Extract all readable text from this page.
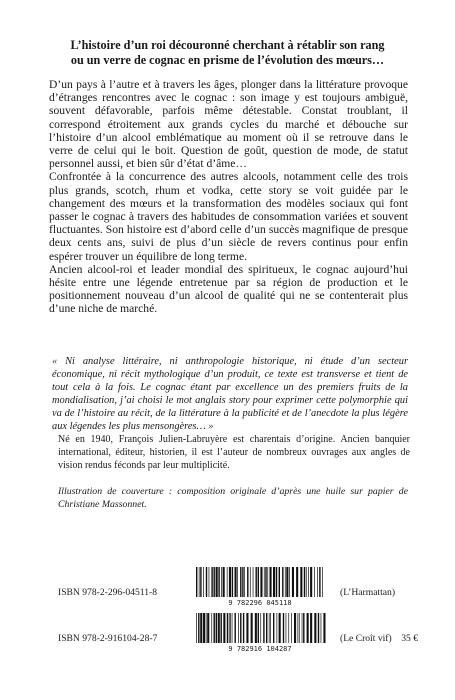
L’histoire d’un roi découronné cherchant à rétablir son rang
ou un verre de cognac en prisme de l’évolution des mœurs…

D’un pays à l’autre et à travers les âges, plonger dans la littérature provoque d’étranges rencontres avec le cognac : son image y est toujours ambiguë, souvent défavorable, parfois même détestable. Constat troublant, il correspond étroitement aux grands cycles du marché et débouche sur l’histoire d’un alcool emblématique au moment où il se retrouve dans le verre de celui qui le boit. Question de goût, question de mode, de statut personnel aussi, et bien sûr d’état d’âme…

Confrontée à la concurrence des autres alcools, notamment celle des trois plus grands, scotch, rhum et vodka, cette story se voit guidée par le changement des mœurs et la transformation des modèles sociaux qui font passer le cognac à travers des habitudes de consommation variées et souvent fluctuantes. Son histoire est d’abord celle d’un succès magnifique de presque deux cents ans, suivi de plus d’un siècle de revers continus pour enfin espérer trouver un équilibre de long terme.

Ancien alcool-roi et leader mondial des spiritueux, le cognac aujourd’hui hésite entre une légende entretenue par sa région de production et le positionnement nouveau d’un alcool de qualité qui ne se contenterait plus d’une niche de marché.

« Ni analyse littéraire, ni anthropologie historique, ni étude d’un secteur économique, ni récit mythologique d’un produit, ce texte est transverse et tient de tout cela à la fois. Le cognac étant par excellence un des premiers fruits de la mondialisation, j’ai choisi le mot anglais story pour exprimer cette polymorphie qui va de l’histoire au récit, de la littérature à la publicité et de l’anecdote la plus légère aux légendes les plus mensongères… »

Né en 1940, François Julien-Labruyère est charentais d’origine. Ancien banquier international, éditeur, historien, il est l’auteur de nombreux ouvrages aux angles de vision rendus féconds par leur multiplicité.

Illustration de couverture : composition originale d’après une huile sur papier de Christiane Massonnet.

ISBN 978-2-296-04511-8
9 782296 045118
(L’Harmattan)
ISBN 978-2-916104-28-7
9 782916 104287
(Le Croît vif) 35 €
